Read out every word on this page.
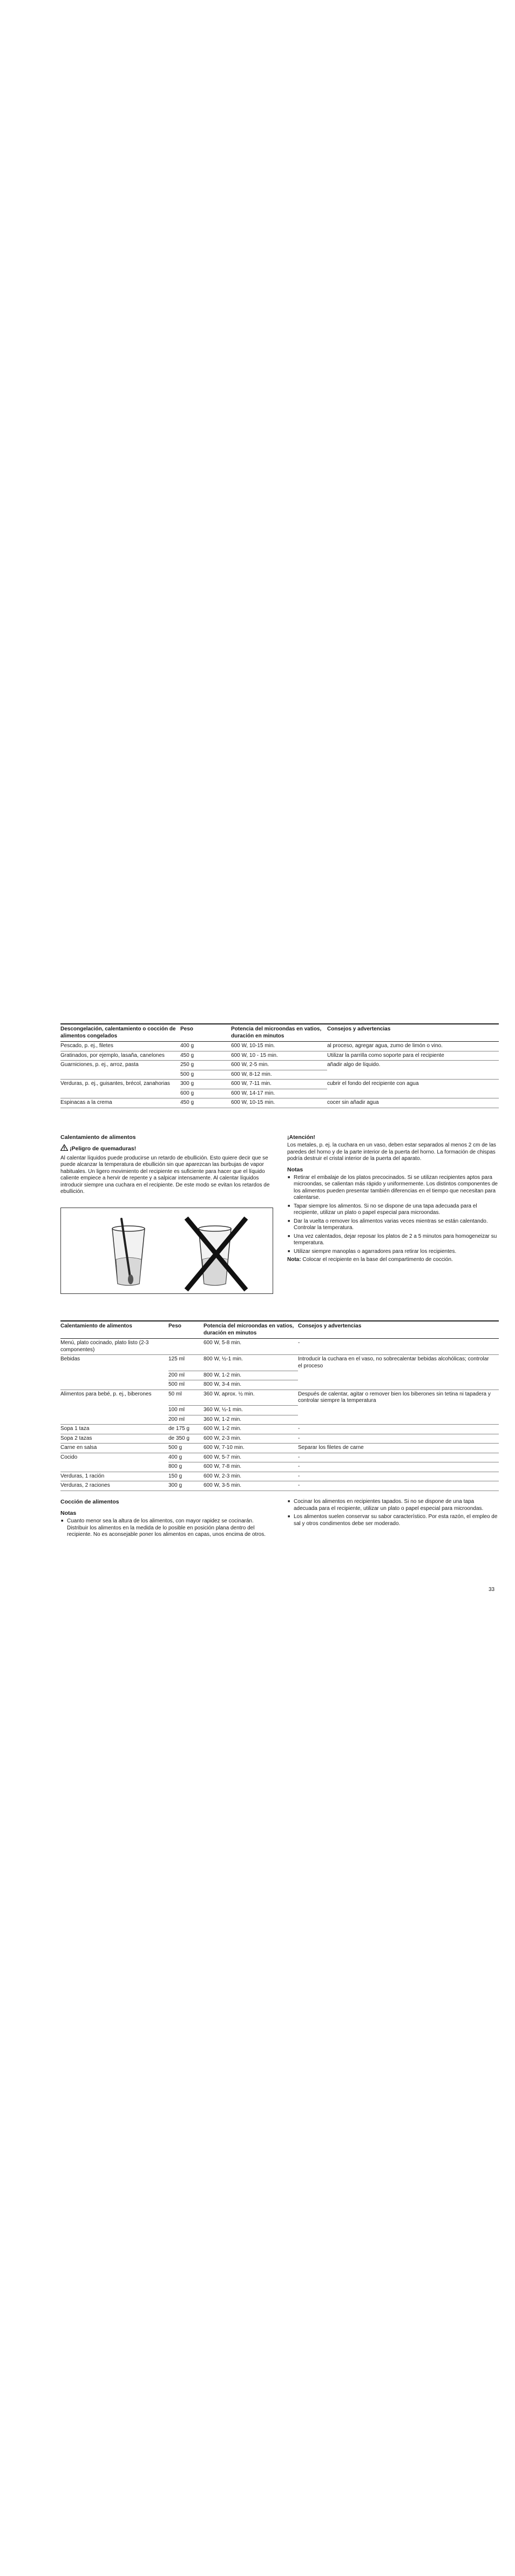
Descongelación, calentamiento o cocción de alimentos congelados	Peso	Potencia del microondas en vatios, duración en minutos	Consejos y advertencias
Pescado, p. ej., filetes	400 g	600 W, 10-15 min.	al proceso, agregar agua, zumo de limón o vino.
Gratinados, por ejemplo, lasaña, canelones	450 g	600 W, 10 - 15 min.	Utilizar la parrilla como soporte para el recipiente
Guarniciones, p. ej., arroz, pasta	250 g	600 W, 2-5 min.	añadir algo de líquido.
	500 g	600 W, 8-12 min.	
Verduras, p. ej., guisantes, brécol, zanahorias	300 g	600 W, 7-11 min.	cubrir el fondo del recipiente con agua
	600 g	600 W, 14-17 min.	
Espinacas a la crema	450 g	600 W, 10-15 min.	cocer sin añadir agua
Calentamiento de alimentos
¡Peligro de quemaduras!
Al calentar líquidos puede producirse un retardo de ebullición. Esto quiere decir que se puede alcanzar la temperatura de ebullición sin que aparezcan las burbujas de vapor habituales. Un ligero movimiento del recipiente es suficiente para hacer que el líquido caliente empiece a hervir de repente y a salpicar intensamente. Al calentar líquidos introducir siempre una cuchara en el recipiente. De este modo se evitan los retardos de ebullición.
¡Atención!
Los metales, p. ej. la cuchara en un vaso, deben estar separados al menos 2 cm de las paredes del horno y de la parte interior de la puerta del horno. La formación de chispas podría destruir el cristal interior de la puerta del aparato.
Notas
■ Retirar el embalaje de los platos precocinados. Si se utilizan recipientes aptos para microondas, se calientan más rápido y uniformemente. Los distintos componentes de los alimentos pueden presentar también diferencias en el tiempo que necesitan para calentarse.
■ Tapar siempre los alimentos. Si no se dispone de una tapa adecuada para el recipiente, utilizar un plato o papel especial para microondas.
■ Dar la vuelta o remover los alimentos varias veces mientras se están calentando. Controlar la temperatura.
■ Una vez calentados, dejar reposar los platos de 2 a 5 minutos para homogeneizar su temperatura.
■ Utilizar siempre manoplas o agarradores para retirar los recipientes.
Nota: Colocar el recipiente en la base del compartimento de cocción.
Calentamiento de alimentos	Peso	Potencia del microondas en vatios, duración en minutos	Consejos y advertencias
Menú, plato cocinado, plato listo (2-3 componentes)		600 W, 5-8 min.	-
Bebidas	125 ml	800 W, ½-1 min.	Introducir la cuchara en el vaso, no sobrecalentar bebidas alcohólicas; controlar el proceso
	200 ml	800 W, 1-2 min.	
	500 ml	800 W, 3-4 min.	
Alimentos para bebé, p. ej., biberones	50 ml	360 W, aprox. ½ min.	Después de calentar, agitar o remover bien los biberones sin tetina ni tapadera y controlar siempre la temperatura
	100 ml	360 W, ½-1 min.	
	200 ml	360 W, 1-2 min.	
Sopa 1 taza	de 175 g	600 W, 1-2 min.	-
Sopa 2 tazas	de 350 g	600 W, 2-3 min.	-
Carne en salsa	500 g	600 W, 7-10 min.	Separar los filetes de carne
Cocido	400 g	600 W, 5-7 min.	-
	800 g	600 W, 7-8 min.	-
Verduras, 1 ración	150 g	600 W, 2-3 min.	-
Verduras, 2 raciones	300 g	600 W, 3-5 min.	-
Cocción de alimentos
Notas
■ Cuanto menor sea la altura de los alimentos, con mayor rapidez se cocinarán. Distribuir los alimentos en la medida de lo posible en posición plana dentro del recipiente. No es aconsejable poner los alimentos en capas, unos encima de otros.
■ Cocinar los alimentos en recipientes tapados. Si no se dispone de una tapa adecuada para el recipiente, utilizar un plato o papel especial para microondas.
■ Los alimentos suelen conservar su sabor característico. Por esta razón, el empleo de sal y otros condimentos debe ser moderado.
33
